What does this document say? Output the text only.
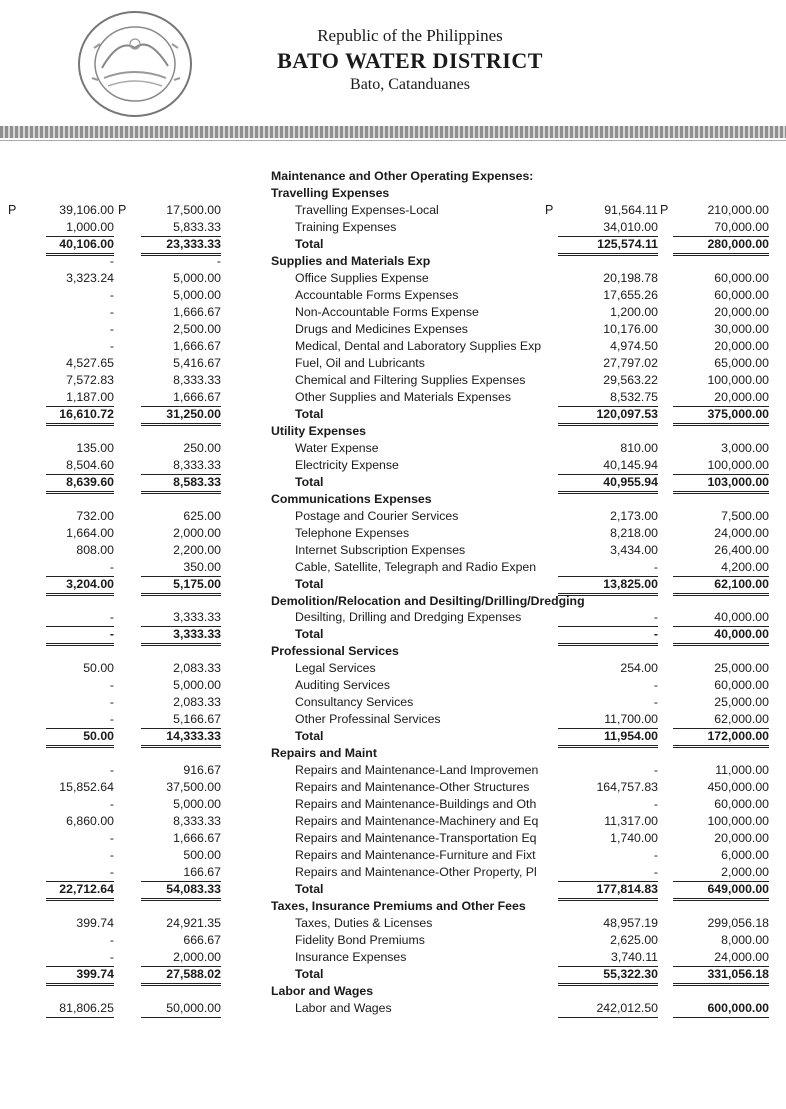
Republic of the Philippines
BATO WATER DISTRICT
Bato, Catanduanes
Maintenance and Other Operating Expenses:
Travelling Expenses
Travelling Expenses-Local
39,106.00	17,500.00	91,564.11	210,000.00
P	P	P	P
Training Expenses
1,000.00	5,833.33	34,010.00	70,000.00
Total
40,106.00	23,333.33	125,574.11	280,000.00
Supplies and Materials Exp
-	-
Office Supplies Expense
3,323.24	5,000.00	20,198.78	60,000.00
Accountable Forms Expenses
-	5,000.00	17,655.26	60,000.00
Non-Accountable Forms Expense
-	1,666.67	1,200.00	20,000.00
Drugs and Medicines Expenses
-	2,500.00	10,176.00	30,000.00
Medical, Dental and Laboratory Supplies Exp
-	1,666.67	4,974.50	20,000.00
Fuel, Oil and Lubricants
4,527.65	5,416.67	27,797.02	65,000.00
Chemical and Filtering Supplies Expenses
7,572.83	8,333.33	29,563.22	100,000.00
Other Supplies and Materials Expenses
1,187.00	1,666.67	8,532.75	20,000.00
Total
16,610.72	31,250.00	120,097.53	375,000.00
Utility Expenses
Water Expense
135.00	250.00	810.00	3,000.00
Electricity Expense
8,504.60	8,333.33	40,145.94	100,000.00
Total
8,639.60	8,583.33	40,955.94	103,000.00
Communications Expenses
Postage and Courier Services
732.00	625.00	2,173.00	7,500.00
Telephone Expenses
1,664.00	2,000.00	8,218.00	24,000.00
Internet Subscription Expenses
808.00	2,200.00	3,434.00	26,400.00
Cable, Satellite, Telegraph and Radio Expen
-	350.00	-	4,200.00
Total
3,204.00	5,175.00	13,825.00	62,100.00
Demolition/Relocation and Desilting/Drilling/Dredging
Desilting, Drilling and Dredging Expenses
-	3,333.33	-	40,000.00
Total
-	3,333.33	-	40,000.00
Professional Services
Legal Services
50.00	2,083.33	254.00	25,000.00
Auditing Services
-	5,000.00	-	60,000.00
Consultancy Services
-	2,083.33	-	25,000.00
Other Professinal Services
-	5,166.67	11,700.00	62,000.00
Total
50.00	14,333.33	11,954.00	172,000.00
Repairs and Maint
Repairs and Maintenance-Land Improvemen
-	916.67	-	11,000.00
Repairs and Maintenance-Other Structures
15,852.64	37,500.00	164,757.83	450,000.00
Repairs and Maintenance-Buildings and Oth
-	5,000.00	-	60,000.00
Repairs and Maintenance-Machinery and Eq
6,860.00	8,333.33	11,317.00	100,000.00
Repairs and Maintenance-Transportation Eq
-	1,666.67	1,740.00	20,000.00
Repairs and Maintenance-Furniture and Fixt
-	500.00	-	6,000.00
Repairs and Maintenance-Other Property, Pl
-	166.67	-	2,000.00
Total
22,712.64	54,083.33	177,814.83	649,000.00
Taxes, Insurance Premiums and Other Fees
Taxes, Duties & Licenses
399.74	24,921.35	48,957.19	299,056.18
Fidelity Bond Premiums
-	666.67	2,625.00	8,000.00
Insurance Expenses
-	2,000.00	3,740.11	24,000.00
Total
399.74	27,588.02	55,322.30	331,056.18
Labor and Wages
Labor and Wages
81,806.25	50,000.00	242,012.50	600,000.00
